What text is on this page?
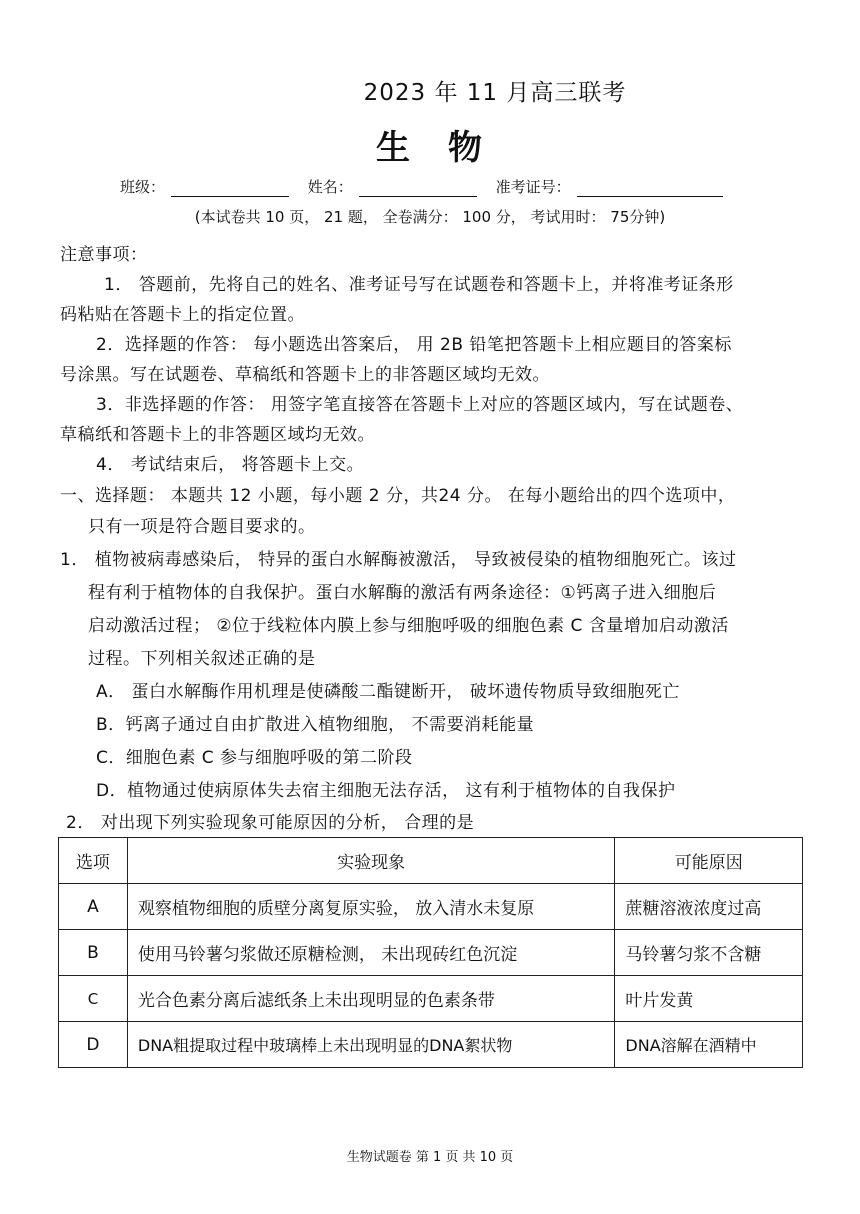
2023 年 11 月高三联考
生 物
班级：	姓名：	准考证号：
(本试卷共 10 页， 21 题， 全卷满分： 100 分， 考试用时： 75分钟)
注意事项：
1． 答题前，先将自己的姓名、准考证号写在试题卷和答题卡上，并将准考证条形
码粘贴在答题卡上的指定位置。
2．选择题的作答： 每小题选出答案后， 用 2B 铅笔把答题卡上相应题目的答案标
号涂黑。写在试题卷、草稿纸和答题卡上的非答题区域均无效。
3．非选择题的作答： 用签字笔直接答在答题卡上对应的答题区域内，写在试题卷、
草稿纸和答题卡上的非答题区域均无效。
4． 考试结束后， 将答题卡上交。
一、选择题： 本题共 12 小题，每小题 2 分，共24 分。 在每小题给出的四个选项中，
只有一项是符合题目要求的。
1． 植物被病毒感染后， 特异的蛋白水解酶被激活， 导致被侵染的植物细胞死亡。该过
程有利于植物体的自我保护。蛋白水解酶的激活有两条途径：①钙离子进入细胞后
启动激活过程； ②位于线粒体内膜上参与细胞呼吸的细胞色素 C 含量增加启动激活
过程。下列相关叙述正确的是
A． 蛋白水解酶作用机理是使磷酸二酯键断开， 破坏遗传物质导致细胞死亡
B．钙离子通过自由扩散进入植物细胞， 不需要消耗能量
C．细胞色素 C 参与细胞呼吸的第二阶段
D．植物通过使病原体失去宿主细胞无法存活， 这有利于植物体的自我保护
2． 对出现下列实验现象可能原因的分析， 合理的是
选项	实验现象	可能原因
A	观察植物细胞的质壁分离复原实验， 放入清水未复原	蔗糖溶液浓度过高
B	使用马铃薯匀浆做还原糖检测， 未出现砖红色沉淀	马铃薯匀浆不含糖
C	光合色素分离后滤纸条上未出现明显的色素条带	叶片发黄
D	DNA粗提取过程中玻璃棒上未出现明显的DNA絮状物	DNA溶解在酒精中
生物试题卷 第 1 页 共 10 页
